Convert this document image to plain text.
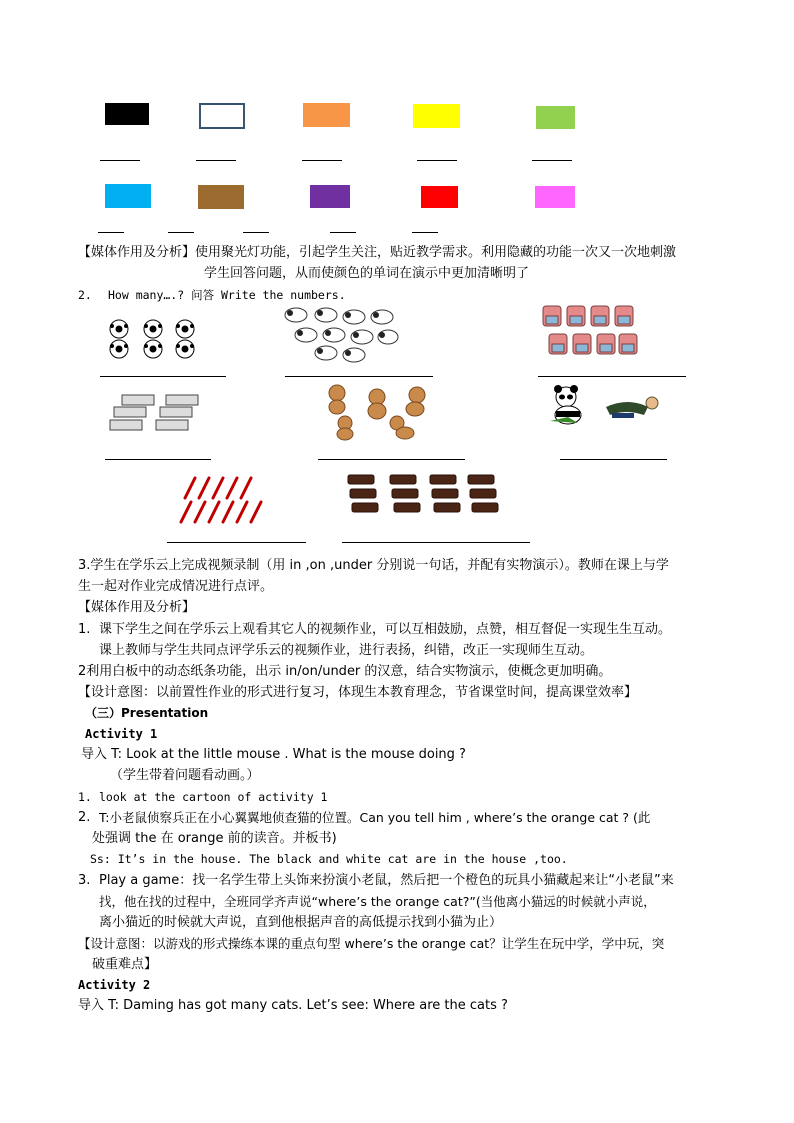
【媒体作用及分析】使用聚光灯功能，引起学生关注，贴近教学需求。利用隐藏的功能一次又一次地刺激
学生回答问题，从而使颜色的单词在演示中更加清晰明了
2. How many….? 问答 Write the numbers.
3.学生在学乐云上完成视频录制（用 in ,on ,under 分别说一句话，并配有实物演示）。教师在课上与学
生一起对作业完成情况进行点评。
【媒体作用及分析】
1. 课下学生之间在学乐云上观看其它人的视频作业，可以互相鼓励，点赞，相互督促一实现生生互动。
课上教师与学生共同点评学乐云的视频作业，进行表扬，纠错，改正一实现师生互动。
2利用白板中的动态纸条功能，出示 in/on/under 的汉意，结合实物演示，使概念更加明确。
【设计意图：以前置性作业的形式进行复习，体现生本教育理念，节省课堂时间，提高课堂效率】
（三）Presentation
Activity 1
导入 T: Look at the little mouse . What is the mouse doing ?
（学生带着问题看动画。）
1. look at the cartoon of activity 1
2. T:小老鼠侦察兵正在小心翼翼地侦查猫的位置。Can you tell him , where’s the orange cat ? (此
处强调 the 在 orange 前的读音。并板书)
Ss: It’s in the house. The black and white cat are in the house ,too.
3. Play a game：找一名学生带上头饰来扮演小老鼠，然后把一个橙色的玩具小猫藏起来让“小老鼠”来
找，他在找的过程中，全班同学齐声说“where’s the orange cat?”(当他离小猫远的时候就小声说，
离小猫近的时候就大声说，直到他根据声音的高低提示找到小猫为止）
【设计意图：以游戏的形式操练本课的重点句型 where’s the orange cat？让学生在玩中学，学中玩，突
破重难点】
Activity 2
导入 T: Daming has got many cats. Let’s see: Where are the cats ?
